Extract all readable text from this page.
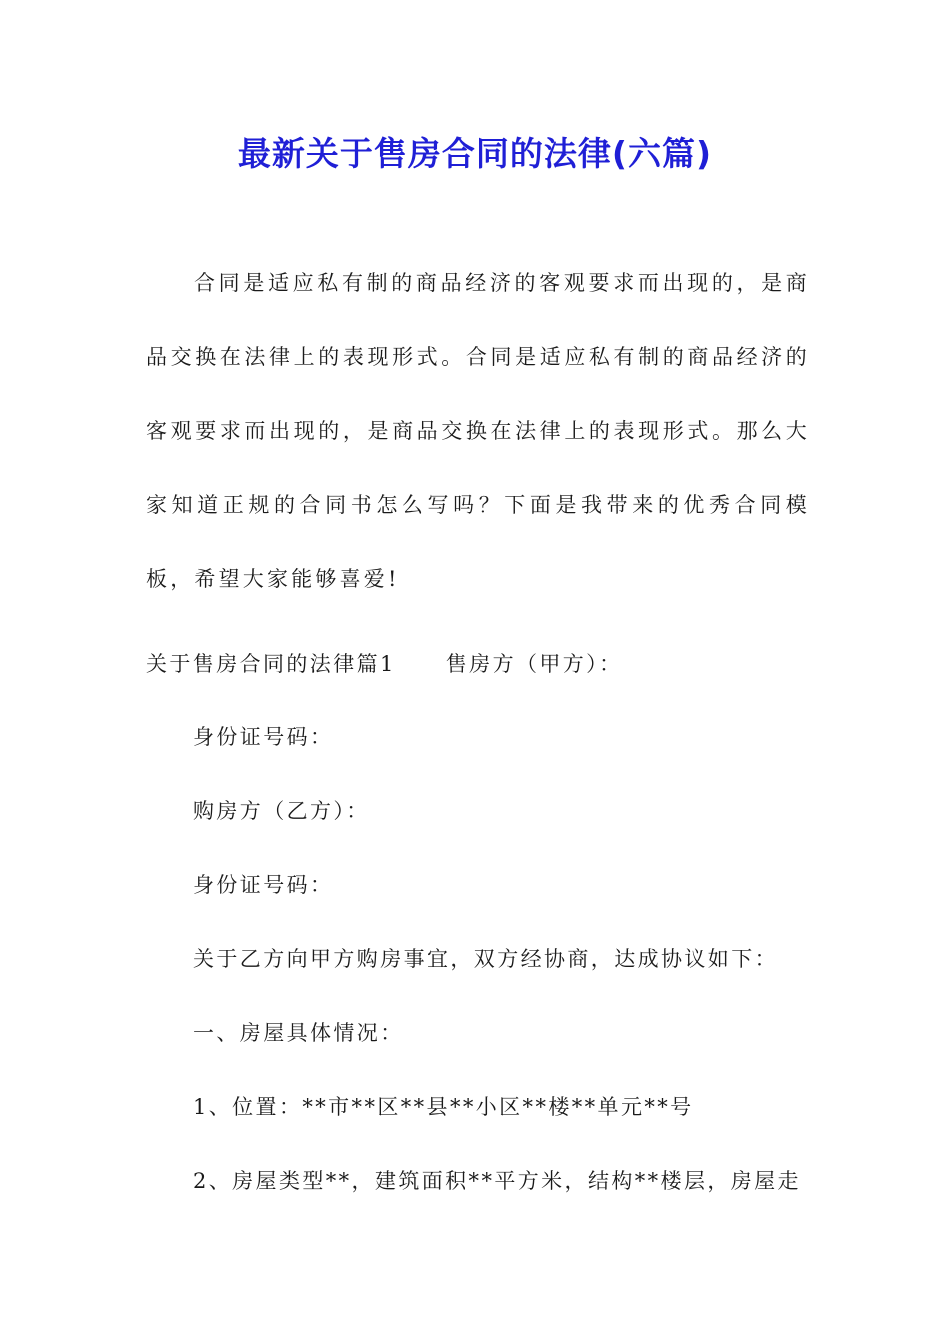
最新关于售房合同的法律(六篇)

合同是适应私有制的商品经济的客观要求而出现的，是商品交换在法律上的表现形式。合同是适应私有制的商品经济的客观要求而出现的，是商品交换在法律上的表现形式。那么大家知道正规的合同书怎么写吗？下面是我带来的优秀合同模板，希望大家能够喜爱!

关于售房合同的法律篇1 售房方（甲方）：
身份证号码：
购房方（乙方）：
身份证号码：
关于乙方向甲方购房事宜，双方经协商，达成协议如下：
一、房屋具体情况：
1、位置：**市**区**县**小区**楼**单元**号
2、房屋类型**，建筑面积**平方米，结构**楼层，房屋走
